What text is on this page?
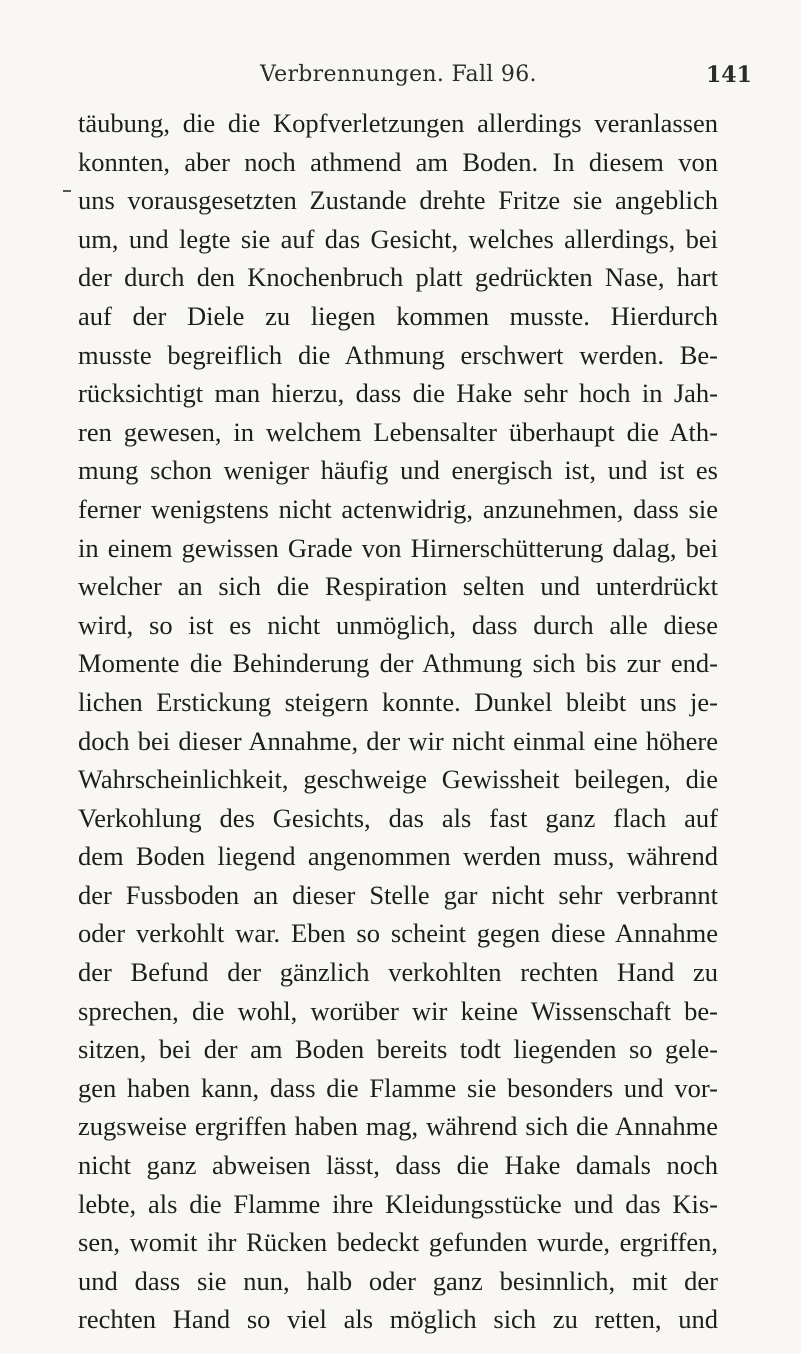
Verbrennungen. Fall 96.	141
täubung, die die Kopfverletzungen allerdings veranlassen
konnten, aber noch athmend am Boden. In diesem von
uns vorausgesetzten Zustande drehte Fritze sie angeblich
um, und legte sie auf das Gesicht, welches allerdings, bei
der durch den Knochenbruch platt gedrückten Nase, hart
auf der Diele zu liegen kommen musste. Hierdurch
musste begreiflich die Athmung erschwert werden. Be-
rücksichtigt man hierzu, dass die Hake sehr hoch in Jah-
ren gewesen, in welchem Lebensalter überhaupt die Ath-
mung schon weniger häufig und energisch ist, und ist es
ferner wenigstens nicht actenwidrig, anzunehmen, dass sie
in einem gewissen Grade von Hirnerschütterung dalag, bei
welcher an sich die Respiration selten und unterdrückt
wird, so ist es nicht unmöglich, dass durch alle diese
Momente die Behinderung der Athmung sich bis zur end-
lichen Erstickung steigern konnte. Dunkel bleibt uns je-
doch bei dieser Annahme, der wir nicht einmal eine höhere
Wahrscheinlichkeit, geschweige Gewissheit beilegen, die
Verkohlung des Gesichts, das als fast ganz flach auf
dem Boden liegend angenommen werden muss, während
der Fussboden an dieser Stelle gar nicht sehr verbrannt
oder verkohlt war. Eben so scheint gegen diese Annahme
der Befund der gänzlich verkohlten rechten Hand zu
sprechen, die wohl, worüber wir keine Wissenschaft be-
sitzen, bei der am Boden bereits todt liegenden so gele-
gen haben kann, dass die Flamme sie besonders und vor-
zugsweise ergriffen haben mag, während sich die Annahme
nicht ganz abweisen lässt, dass die Hake damals noch
lebte, als die Flamme ihre Kleidungsstücke und das Kis-
sen, womit ihr Rücken bedeckt gefunden wurde, ergriffen,
und dass sie nun, halb oder ganz besinnlich, mit der
rechten Hand so viel als möglich sich zu retten, und
